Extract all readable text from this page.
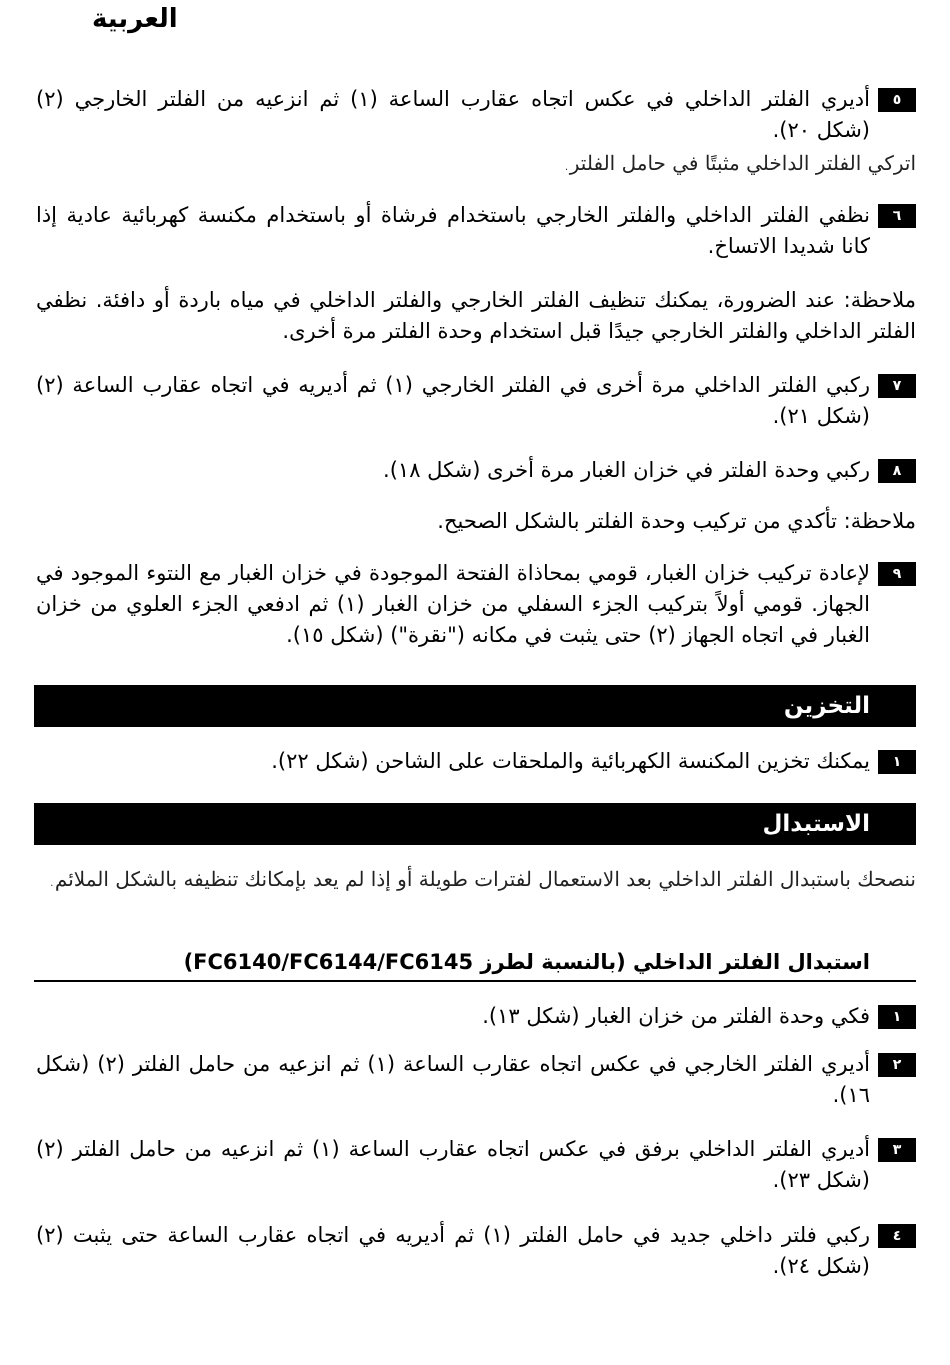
العربية
٥
أديري الفلتر الداخلي في عكس اتجاه عقارب الساعة (١) ثم انزعيه من الفلتر الخارجي (٢) (شكل ٢٠).
اتركي الفلتر الداخلي مثبتًا في حامل الفلتر.
٦
نظفي الفلتر الداخلي والفلتر الخارجي باستخدام فرشاة أو باستخدام مكنسة كهربائية عادية إذا كانا شديدا الاتساخ.
ملاحظة: عند الضرورة، يمكنك تنظيف الفلتر الخارجي والفلتر الداخلي في مياه باردة أو دافئة. نظفي الفلتر الداخلي والفلتر الخارجي جيدًا قبل استخدام وحدة الفلتر مرة أخرى.
٧
ركبي الفلتر الداخلي مرة أخرى في الفلتر الخارجي (١) ثم أديريه في اتجاه عقارب الساعة (٢) (شكل ٢١).
٨
ركبي وحدة الفلتر في خزان الغبار مرة أخرى (شكل ١٨).
ملاحظة: تأكدي من تركيب وحدة الفلتر بالشكل الصحيح.
٩
لإعادة تركيب خزان الغبار، قومي بمحاذاة الفتحة الموجودة في خزان الغبار مع النتوء الموجود في الجهاز. قومي أولاً بتركيب الجزء السفلي من خزان الغبار (١) ثم ادفعي الجزء العلوي من خزان الغبار في اتجاه الجهاز (٢) حتى يثبت في مكانه ("نقرة") (شكل ١٥).
التخزين
١
يمكنك تخزين المكنسة الكهربائية والملحقات على الشاحن (شكل ٢٢).
الاستبدال
ننصحك باستبدال الفلتر الداخلي بعد الاستعمال لفترات طويلة أو إذا لم يعد بإمكانك تنظيفه بالشكل الملائم.
استبدال الفلتر الداخلي (بالنسبة لطرز FC6140/FC6144/FC6145)
١
فكي وحدة الفلتر من خزان الغبار (شكل ١٣).
٢
أديري الفلتر الخارجي في عكس اتجاه عقارب الساعة (١) ثم انزعيه من حامل الفلتر (٢) (شكل ١٦).
٣
أديري الفلتر الداخلي برفق في عكس اتجاه عقارب الساعة (١) ثم انزعيه من حامل الفلتر (٢) (شكل ٢٣).
٤
ركبي فلتر داخلي جديد في حامل الفلتر (١) ثم أديريه في اتجاه عقارب الساعة حتى يثبت (٢) (شكل ٢٤).
